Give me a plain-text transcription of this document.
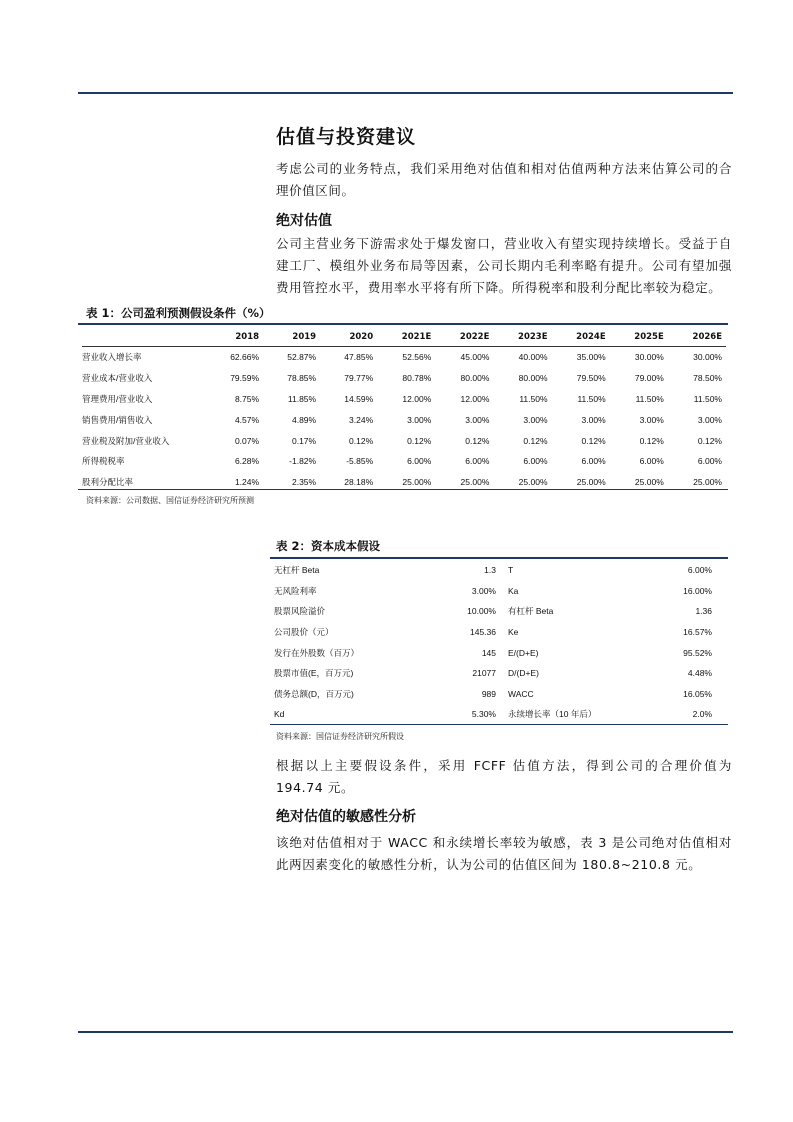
估值与投资建议
考虑公司的业务特点，我们采用绝对估值和相对估值两种方法来估算公司的合理价值区间。
绝对估值
公司主营业务下游需求处于爆发窗口，营业收入有望实现持续增长。受益于自建工厂、模组外业务布局等因素，公司长期内毛利率略有提升。公司有望加强费用管控水平，费用率水平将有所下降。所得税率和股利分配比率较为稳定。
表 1：公司盈利预测假设条件（%）
	2018	2019	2020	2021E	2022E	2023E	2024E	2025E	2026E
营业收入增长率	62.66%	52.87%	47.85%	52.56%	45.00%	40.00%	35.00%	30.00%	30.00%
营业成本/营业收入	79.59%	78.85%	79.77%	80.78%	80.00%	80.00%	79.50%	79.00%	78.50%
管理费用/营业收入	8.75%	11.85%	14.59%	12.00%	12.00%	11.50%	11.50%	11.50%	11.50%
销售费用/销售收入	4.57%	4.89%	3.24%	3.00%	3.00%	3.00%	3.00%	3.00%	3.00%
营业税及附加/营业收入	0.07%	0.17%	0.12%	0.12%	0.12%	0.12%	0.12%	0.12%	0.12%
所得税税率	6.28%	-1.82%	-5.85%	6.00%	6.00%	6.00%	6.00%	6.00%	6.00%
股利分配比率	1.24%	2.35%	28.18%	25.00%	25.00%	25.00%	25.00%	25.00%	25.00%
资料来源：公司数据、国信证券经济研究所预测
表 2：资本成本假设
无杠杆 Beta	1.3	T	6.00%
无风险利率	3.00%	Ka	16.00%
股票风险溢价	10.00%	有杠杆 Beta	1.36
公司股价（元）	145.36	Ke	16.57%
发行在外股数（百万）	145	E/(D+E)	95.52%
股票市值(E，百万元)	21077	D/(D+E)	4.48%
债务总额(D，百万元)	989	WACC	16.05%
Kd	5.30%	永续增长率（10 年后）	2.0%
资料来源：国信证券经济研究所假设
根据以上主要假设条件，采用 FCFF 估值方法，得到公司的合理价值为 194.74 元。
绝对估值的敏感性分析
该绝对估值相对于 WACC 和永续增长率较为敏感，表 3 是公司绝对估值相对此两因素变化的敏感性分析，认为公司的估值区间为 180.8~210.8 元。
